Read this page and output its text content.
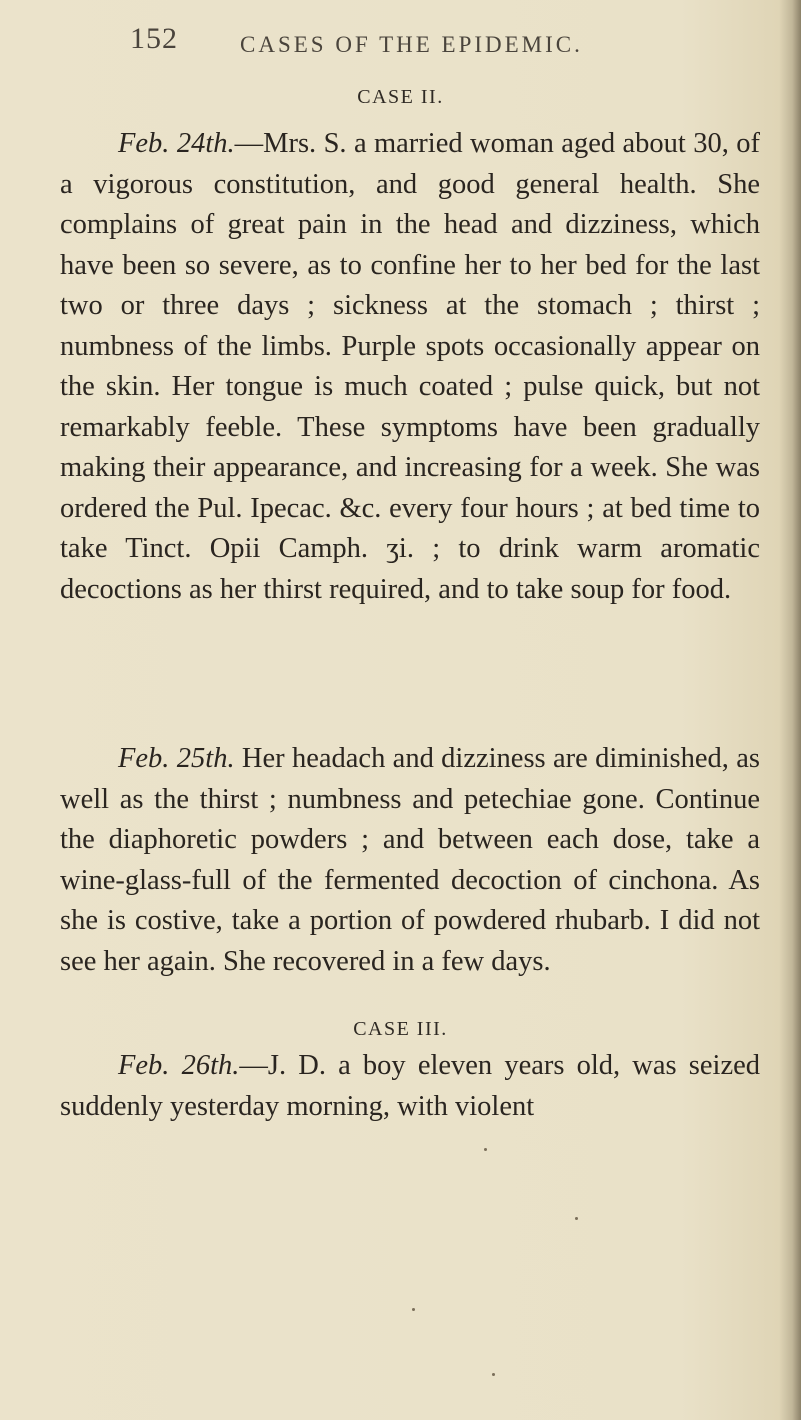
152	CASES OF THE EPIDEMIC.
CASE II.

Feb. 24th.—Mrs. S. a married woman aged about 30, of a vigorous constitution, and good general health. She complains of great pain in the head and dizziness, which have been so severe, as to confine her to her bed for the last two or three days ; sickness at the stomach ; thirst ; numbness of the limbs. Purple spots occasionally appear on the skin. Her tongue is much coated ; pulse quick, but not remarkably feeble. These symptoms have been gradually making their appearance, and increasing for a week. She was ordered the Pul. Ipecac. &c. every four hours ; at bed time to take Tinct. Opii Camph. ʒi. ; to drink warm aromatic decoctions as her thirst required, and to take soup for food.

Feb. 25th. Her headach and dizziness are diminished, as well as the thirst ; numbness and petechiae gone. Continue the diaphoretic powders ; and between each dose, take a wine-glass-full of the fermented decoction of cinchona. As she is costive, take a portion of powdered rhubarb. I did not see her again. She recovered in a few days.

CASE III.

Feb. 26th.—J. D. a boy eleven years old, was seized suddenly yesterday morning, with violent
